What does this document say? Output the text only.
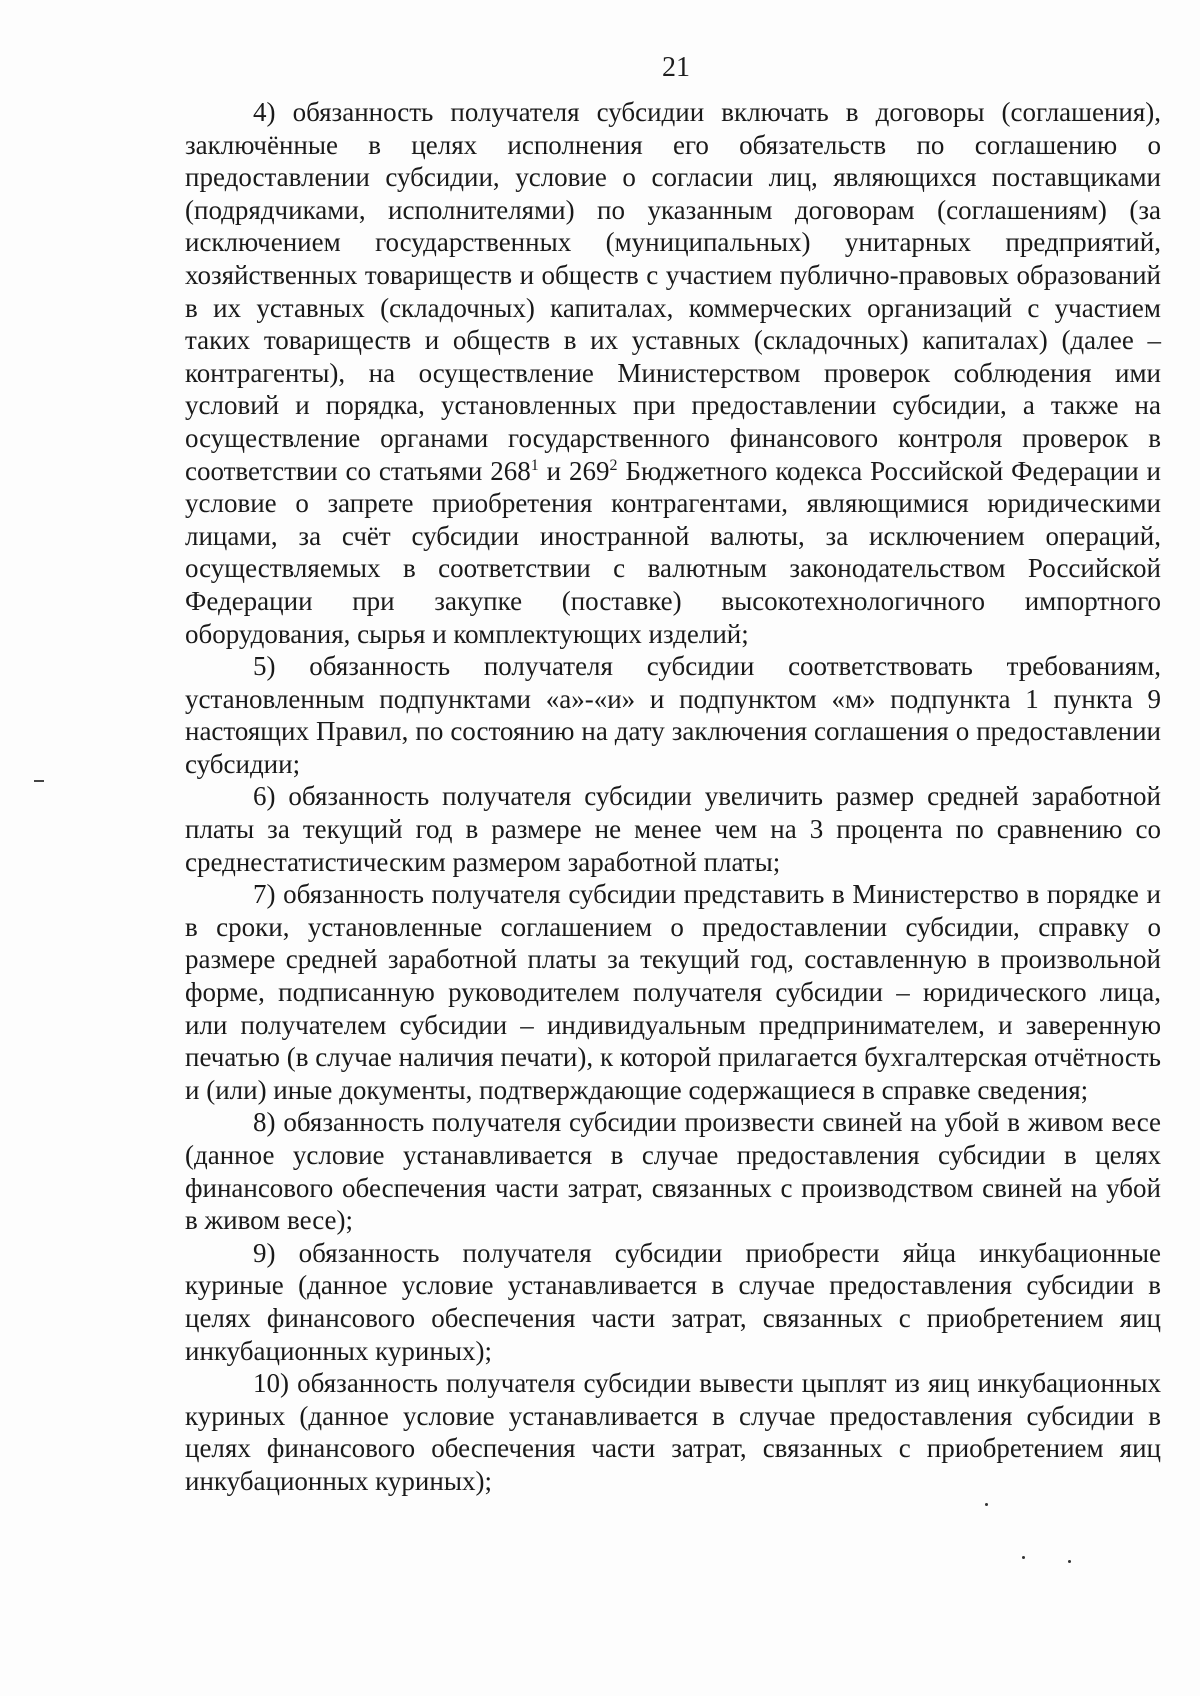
21

4) обязанность получателя субсидии включать в договоры (соглашения), заключённые в целях исполнения его обязательств по соглашению о предоставлении субсидии, условие о согласии лиц, являющихся поставщиками (подрядчиками, исполнителями) по указанным договорам (соглашениям) (за исключением государственных (муниципальных) унитарных предприятий, хозяйственных товариществ и обществ с участием публично-правовых образований в их уставных (складочных) капиталах, коммерческих организаций с участием таких товариществ и обществ в их уставных (складочных) капиталах) (далее – контрагенты), на осуществление Министерством проверок соблюдения ими условий и порядка, установленных при предоставлении субсидии, а также на осуществление органами государственного финансового контроля проверок в соответствии со статьями $268^1$ и $269^2$ Бюджетного кодекса Российской Федерации и условие о запрете приобретения контрагентами, являющимися юридическими лицами, за счёт субсидии иностранной валюты, за исключением операций, осуществляемых в соответствии с валютным законодательством Российской Федерации при закупке (поставке) высокотехнологичного импортного оборудования, сырья и комплектующих изделий;

5) обязанность получателя субсидии соответствовать требованиям, установленным подпунктами «а»-«и» и подпунктом «м» подпункта 1 пункта 9 настоящих Правил, по состоянию на дату заключения соглашения о предоставлении субсидии;

6) обязанность получателя субсидии увеличить размер средней заработной платы за текущий год в размере не менее чем на 3 процента по сравнению со среднестатистическим размером заработной платы;

7) обязанность получателя субсидии представить в Министерство в порядке и в сроки, установленные соглашением о предоставлении субсидии, справку о размере средней заработной платы за текущий год, составленную в произвольной форме, подписанную руководителем получателя субсидии – юридического лица, или получателем субсидии – индивидуальным предпринимателем, и заверенную печатью (в случае наличия печати), к которой прилагается бухгалтерская отчётность и (или) иные документы, подтверждающие содержащиеся в справке сведения;

8) обязанность получателя субсидии произвести свиней на убой в живом весе (данное условие устанавливается в случае предоставления субсидии в целях финансового обеспечения части затрат, связанных с производством свиней на убой в живом весе);

9) обязанность получателя субсидии приобрести яйца инкубационные куриные (данное условие устанавливается в случае предоставления субсидии в целях финансового обеспечения части затрат, связанных с приобретением яиц инкубационных куриных);

10) обязанность получателя субсидии вывести цыплят из яиц инкубационных куриных (данное условие устанавливается в случае предоставления субсидии в целях финансового обеспечения части затрат, связанных с приобретением яиц инкубационных куриных);
